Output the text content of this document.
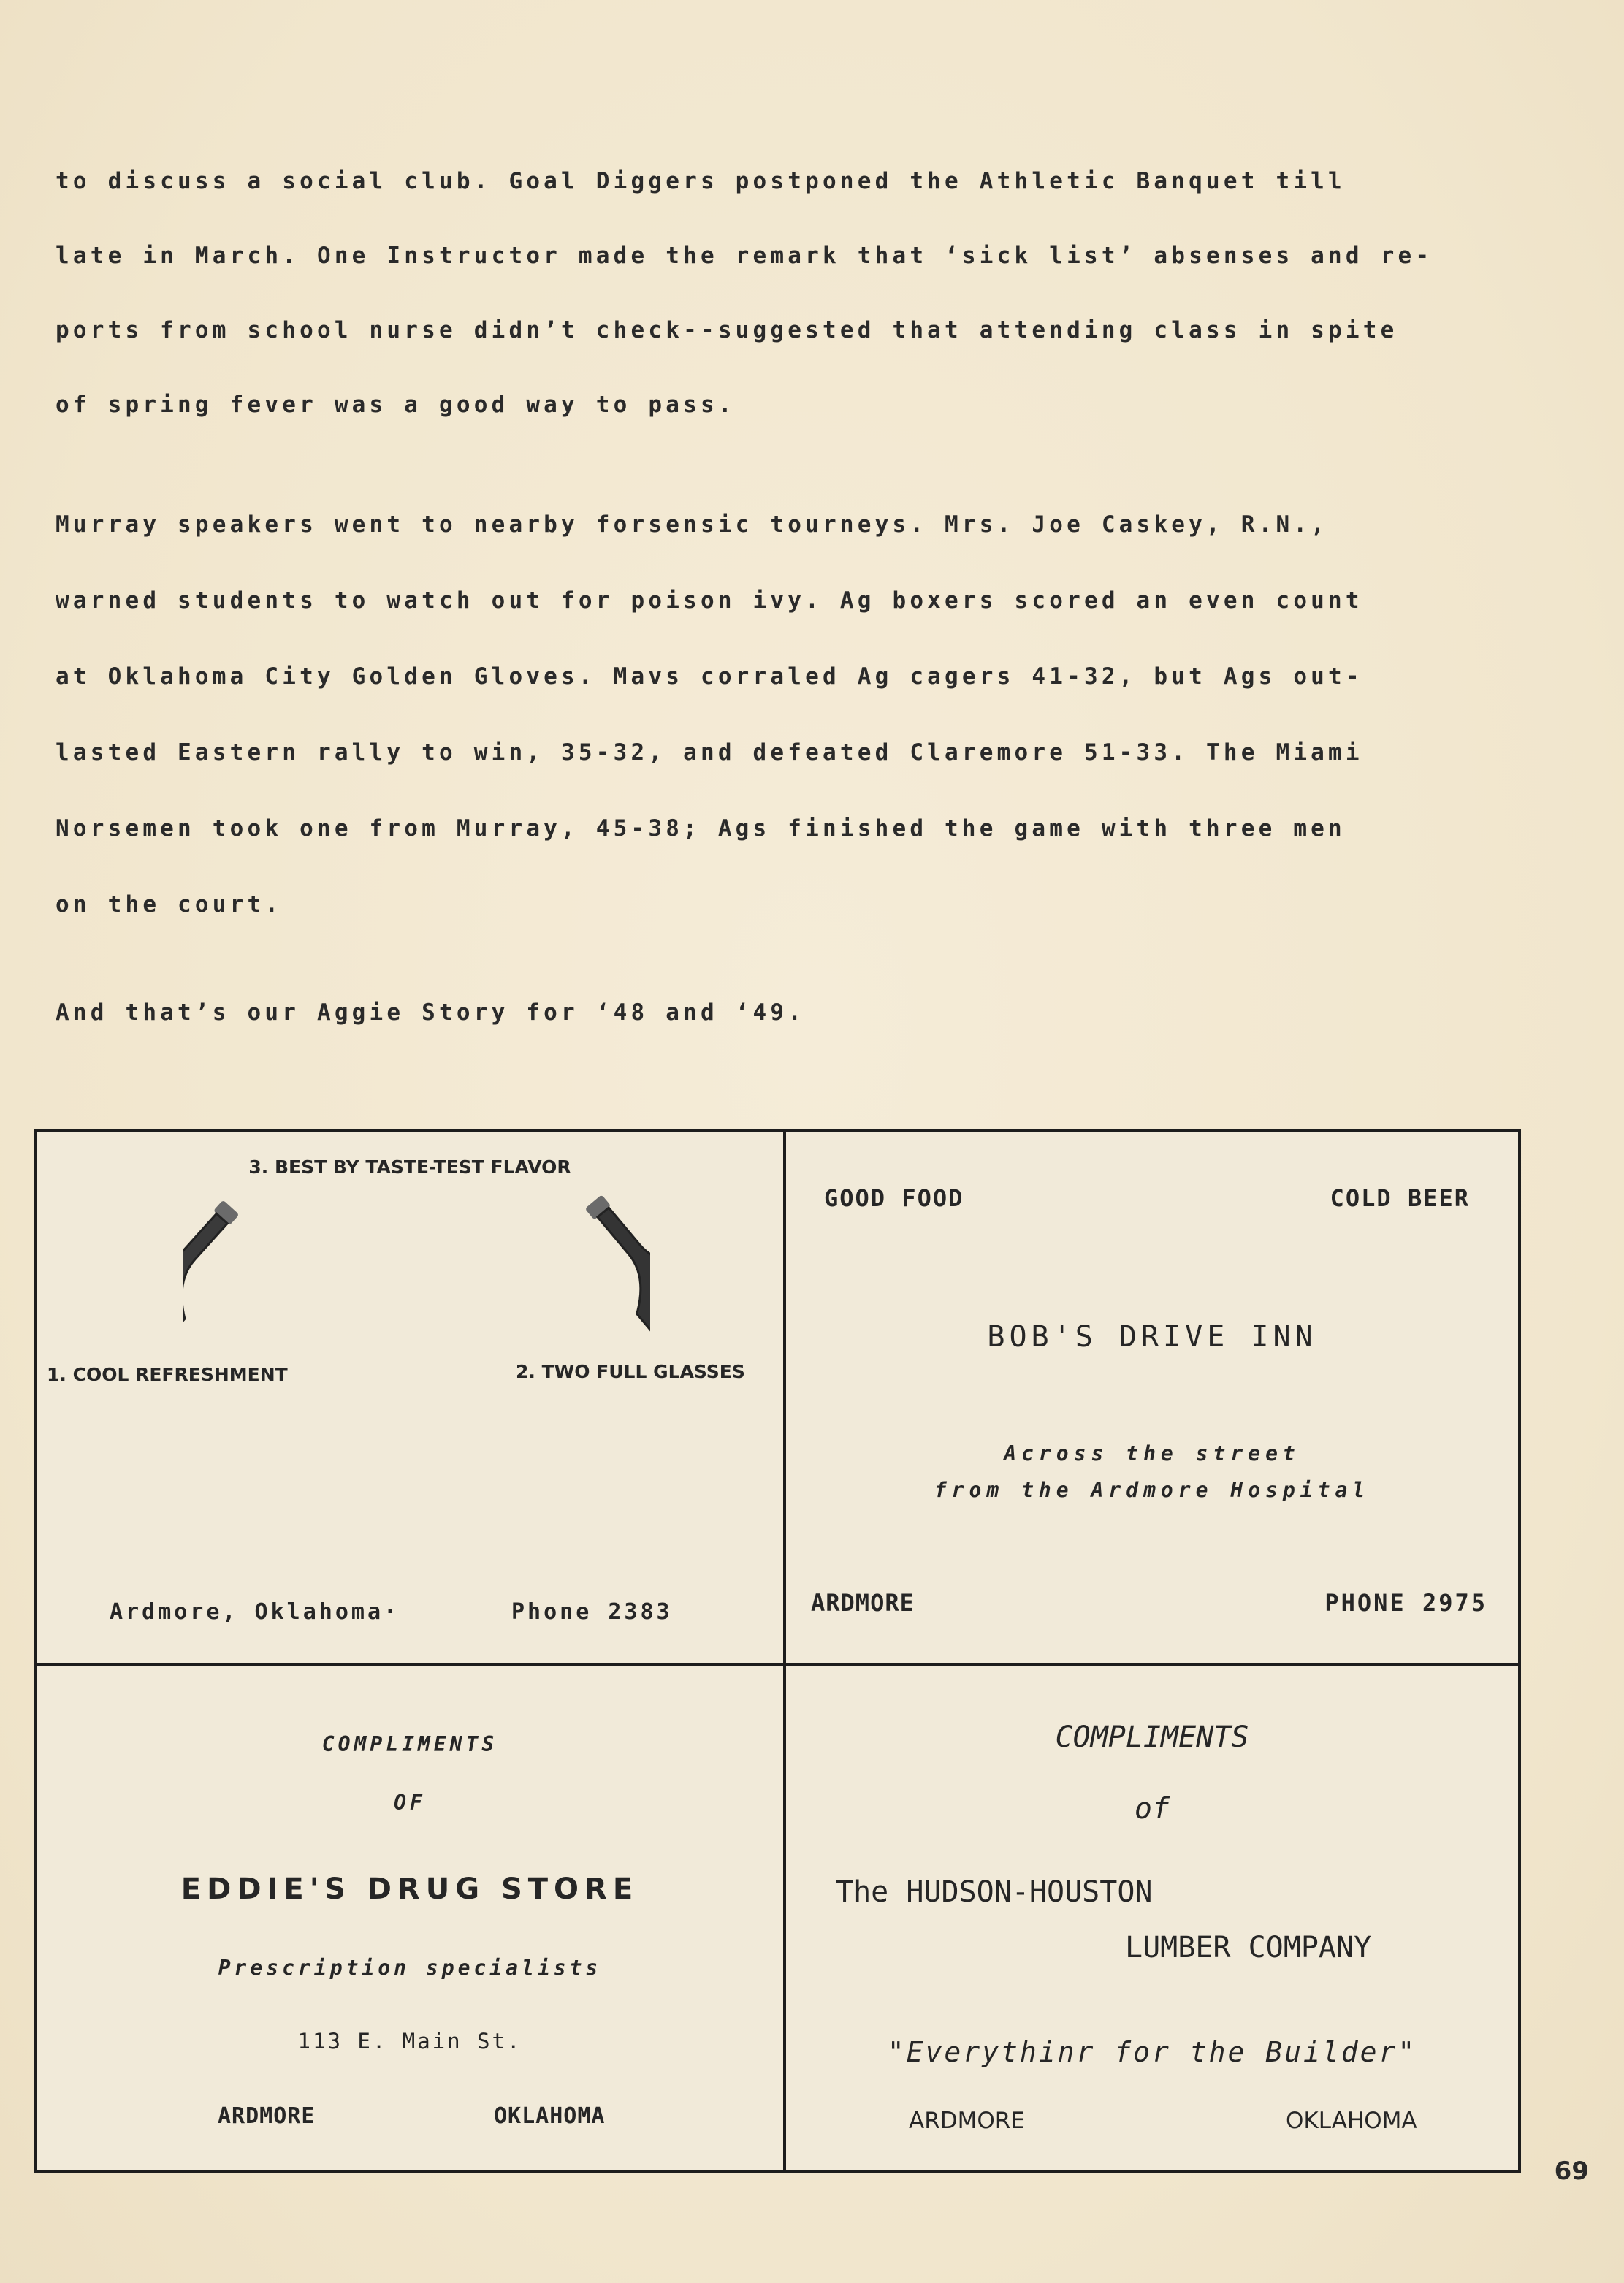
to discuss a social club. Goal Diggers postponed the Athletic Banquet till
late in March. One Instructor made the remark that ‘sick list’ absenses and re-
ports from school nurse didn’t check--suggested that attending class in spite
of spring fever was a good way to pass.
Murray speakers went to nearby forsensic tourneys. Mrs. Joe Caskey, R.N.,
warned students to watch out for poison ivy. Ag boxers scored an even count
at Oklahoma City Golden Gloves. Mavs corraled Ag cagers 41-32, but Ags out-
lasted Eastern rally to win, 35-32, and defeated Claremore 51-33. The Miami
Norsemen took one from Murray, 45-38; Ags finished the game with three men
on the court.
And that’s our Aggie Story for ‘48 and ‘49.
3. BEST BY TASTE-TEST FLAVOR
1. COOL REFRESHMENT	2. TWO FULL GLASSES
Ardmore, Oklahoma·	Phone 2383
GOOD FOOD	COLD BEER
BOB'S DRIVE INN
Across the street
from the Ardmore Hospital
ARDMORE	PHONE 2975
COMPLIMENTS
OF
EDDIE'S DRUG STORE
Prescription specialists
113 E. Main St.
ARDMORE	OKLAHOMA
COMPLIMENTS
of
The HUDSON-HOUSTON
LUMBER COMPANY
"Everythinr for the Builder"
ARDMORE	OKLAHOMA
69
